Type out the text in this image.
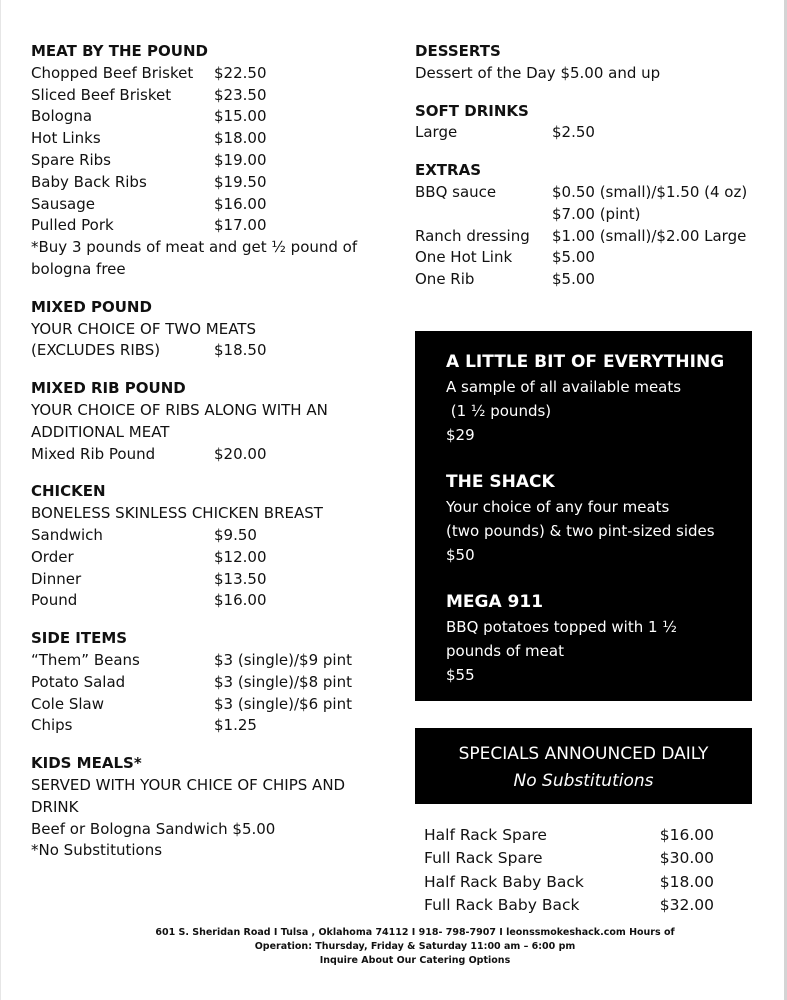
MEAT BY THE POUND
Chopped Beef Brisket	$22.50
Sliced Beef Brisket	$23.50
Bologna	$15.00
Hot Links	$18.00
Spare Ribs	$19.00
Baby Back Ribs	$19.50
Sausage	$16.00
Pulled Pork	$17.00
*Buy 3 pounds of meat and get ½ pound of bologna free
MIXED POUND
YOUR CHOICE OF TWO MEATS
(EXCLUDES RIBS)	$18.50
MIXED RIB POUND
YOUR CHOICE OF RIBS ALONG WITH AN ADDITIONAL MEAT
Mixed Rib Pound	$20.00
CHICKEN
BONELESS SKINLESS CHICKEN BREAST
Sandwich	$9.50
Order	$12.00
Dinner	$13.50
Pound	$16.00
SIDE ITEMS
“Them” Beans	$3 (single)/$9 pint
Potato Salad	$3 (single)/$8 pint
Cole Slaw	$3 (single)/$6 pint
Chips	$1.25
KIDS MEALS*
SERVED WITH YOUR CHICE OF CHIPS AND DRINK
Beef or Bologna Sandwich $5.00
*No Substitutions
DESSERTS
Dessert of the Day $5.00 and up
SOFT DRINKS
Large	$2.50
EXTRAS
BBQ sauce	$0.50 (small)/$1.50 (4 oz)
$7.00 (pint)
Ranch dressing	$1.00 (small)/$2.00 Large
One Hot Link	$5.00
One Rib	$5.00
A LITTLE BIT OF EVERYTHING
A sample of all available meats
(1 ½ pounds)
$29
THE SHACK
Your choice of any four meats
(two pounds) & two pint-sized sides
$50
MEGA 911
BBQ potatoes topped with 1 ½
pounds of meat
$55
SPECIALS ANNOUNCED DAILY
No Substitutions
Half Rack Spare	$16.00
Full Rack Spare	$30.00
Half Rack Baby Back	$18.00
Full Rack Baby Back	$32.00
601 S. Sheridan Road I Tulsa , Oklahoma 74112 I 918- 798-7907 I leonssmokeshack.com Hours of
Operation: Thursday, Friday & Saturday 11:00 am – 6:00 pm
Inquire About Our Catering Options
